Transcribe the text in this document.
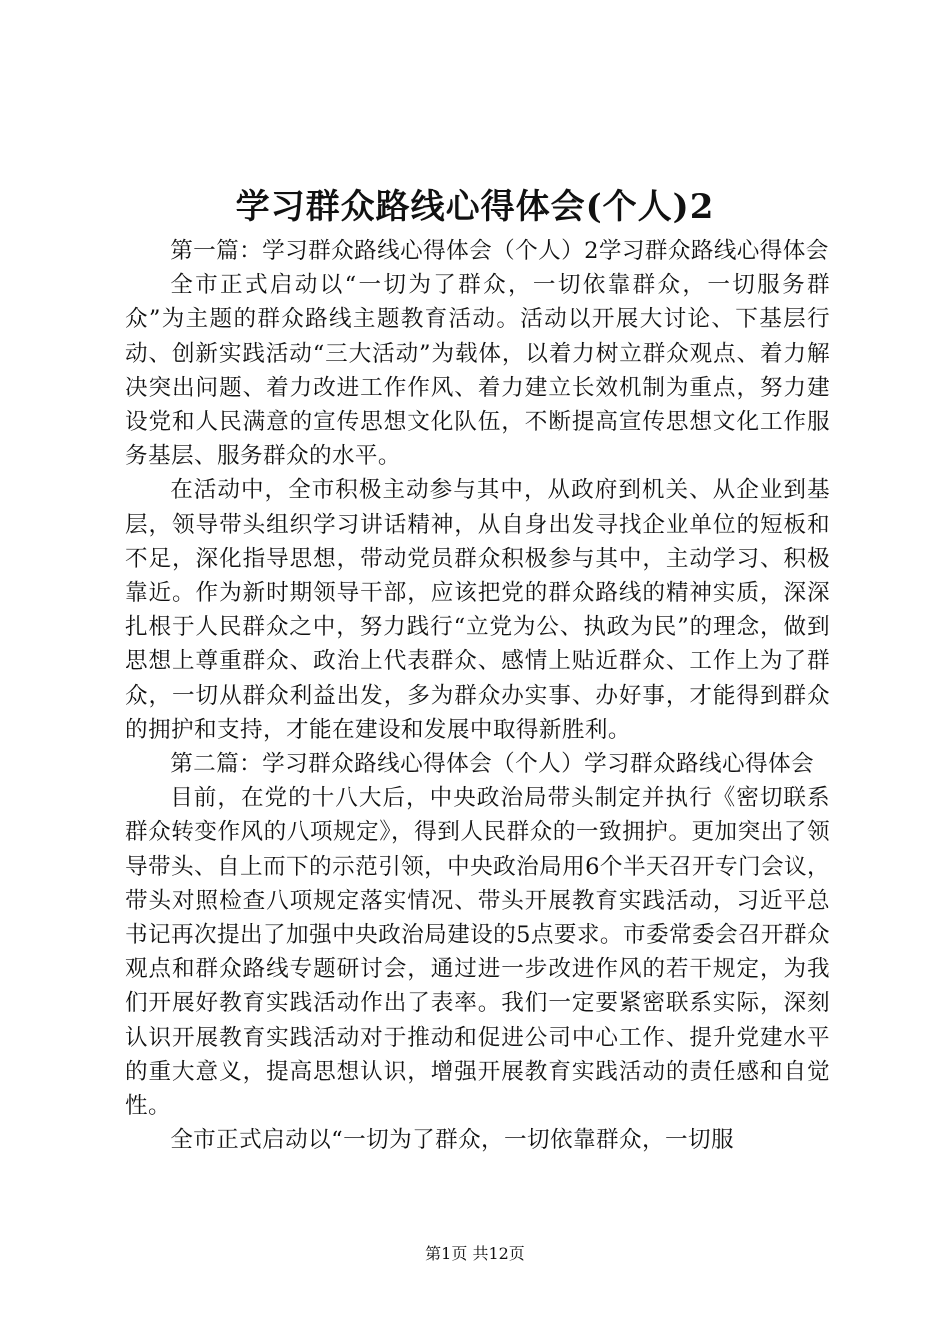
学习群众路线心得体会(个人)2

第一篇：学习群众路线心得体会（个人）2学习群众路线心得体会

全市正式启动以“一切为了群众，一切依靠群众，一切服务群众”为主题的群众路线主题教育活动。活动以开展大讨论、下基层行动、创新实践活动“三大活动”为载体，以着力树立群众观点、着力解决突出问题、着力改进工作作风、着力建立长效机制为重点，努力建设党和人民满意的宣传思想文化队伍，不断提高宣传思想文化工作服务基层、服务群众的水平。

在活动中，全市积极主动参与其中，从政府到机关、从企业到基层，领导带头组织学习讲话精神，从自身出发寻找企业单位的短板和不足，深化指导思想，带动党员群众积极参与其中，主动学习、积极靠近。作为新时期领导干部，应该把党的群众路线的精神实质，深深扎根于人民群众之中，努力践行“立党为公、执政为民”的理念，做到思想上尊重群众、政治上代表群众、感情上贴近群众、工作上为了群众，一切从群众利益出发，多为群众办实事、办好事，才能得到群众的拥护和支持，才能在建设和发展中取得新胜利。

第二篇：学习群众路线心得体会（个人）学习群众路线心得体会

目前，在党的十八大后，中央政治局带头制定并执行《密切联系群众转变作风的八项规定》，得到人民群众的一致拥护。更加突出了领导带头、自上而下的示范引领，中央政治局用6个半天召开专门会议，带头对照检查八项规定落实情况、带头开展教育实践活动，习近平总书记再次提出了加强中央政治局建设的5点要求。市委常委会召开群众观点和群众路线专题研讨会，通过进一步改进作风的若干规定，为我们开展好教育实践活动作出了表率。我们一定要紧密联系实际，深刻认识开展教育实践活动对于推动和促进公司中心工作、提升党建水平的重大意义，提高思想认识，增强开展教育实践活动的责任感和自觉性。

全市正式启动以“一切为了群众，一切依靠群众，一切服

第1页 共12页
